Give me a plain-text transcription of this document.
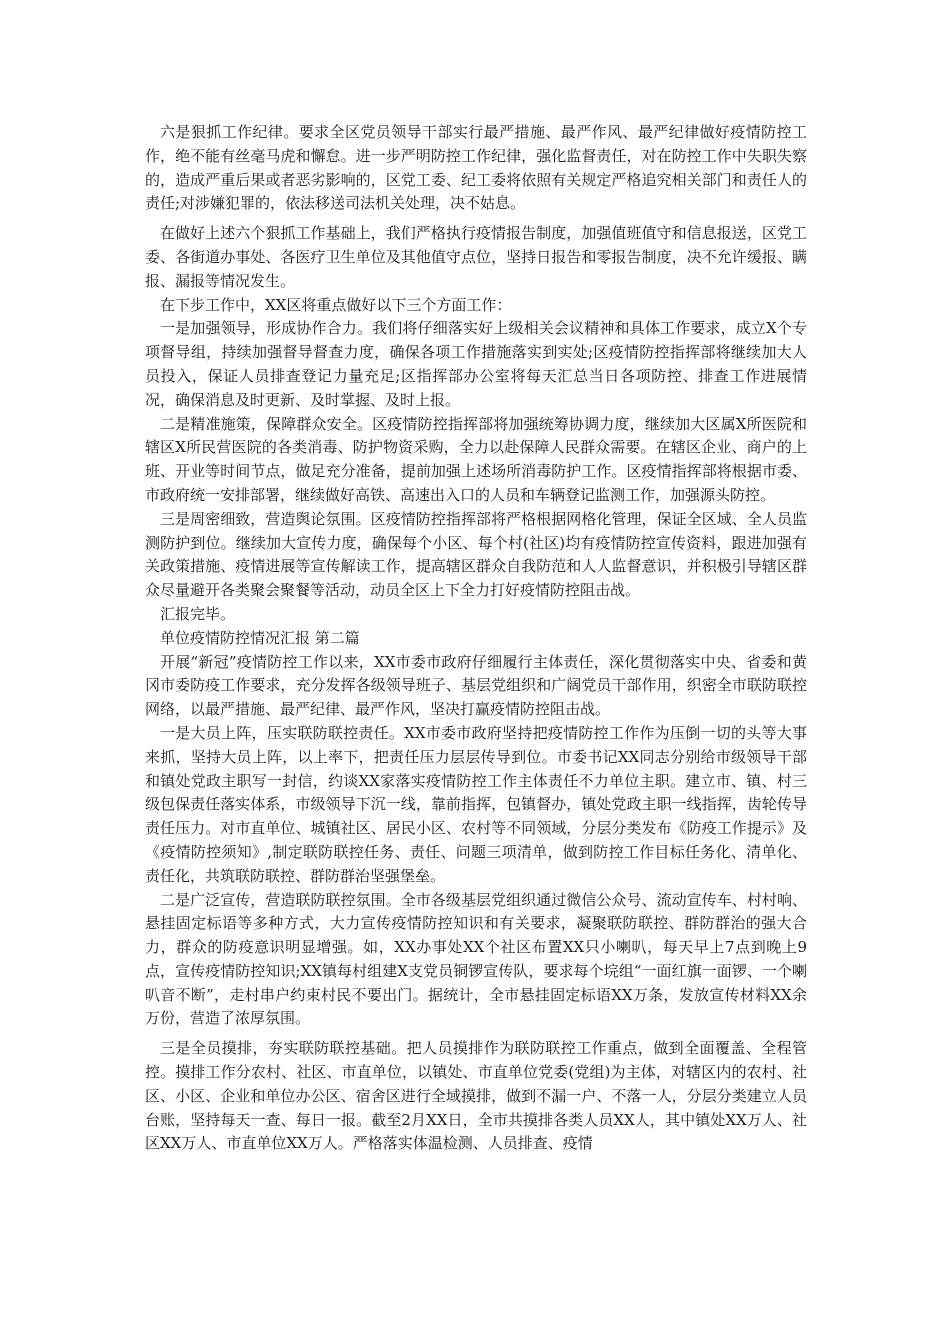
六是狠抓工作纪律。要求全区党员领导干部实行最严措施、最严作风、最严纪律做好疫情防控工作，绝不能有丝毫马虎和懈怠。进一步严明防控工作纪律，强化监督责任，对在防控工作中失职失察的，造成严重后果或者恶劣影响的，区党工委、纪工委将依照有关规定严格追究相关部门和责任人的责任;对涉嫌犯罪的，依法移送司法机关处理，决不姑息。

在做好上述六个狠抓工作基础上，我们严格执行疫情报告制度，加强值班值守和信息报送，区党工委、各街道办事处、各医疗卫生单位及其他值守点位，坚持日报告和零报告制度，决不允许缓报、瞒报、漏报等情况发生。

在下步工作中，XX区将重点做好以下三个方面工作：

一是加强领导，形成协作合力。我们将仔细落实好上级相关会议精神和具体工作要求，成立X个专项督导组，持续加强督导督查力度，确保各项工作措施落实到实处;区疫情防控指挥部将继续加大人员投入，保证人员排查登记力量充足;区指挥部办公室将每天汇总当日各项防控、排查工作进展情况，确保消息及时更新、及时掌握、及时上报。

二是精准施策，保障群众安全。区疫情防控指挥部将加强统筹协调力度，继续加大区属X所医院和辖区X所民营医院的各类消毒、防护物资采购，全力以赴保障人民群众需要。在辖区企业、商户的上班、开业等时间节点，做足充分准备，提前加强上述场所消毒防护工作。区疫情指挥部将根据市委、市政府统一安排部署，继续做好高铁、高速出入口的人员和车辆登记监测工作，加强源头防控。

三是周密细致，营造舆论氛围。区疫情防控指挥部将严格根据网格化管理，保证全区域、全人员监测防护到位。继续加大宣传力度，确保每个小区、每个村(社区)均有疫情防控宣传资料，跟进加强有关政策措施、疫情进展等宣传解读工作，提高辖区群众自我防范和人人监督意识，并积极引导辖区群众尽量避开各类聚会聚餐等活动，动员全区上下全力打好疫情防控阻击战。

汇报完毕。

单位疫情防控情况汇报 第二篇

开展“新冠”疫情防控工作以来，XX市委市政府仔细履行主体责任，深化贯彻落实中央、省委和黄冈市委防疫工作要求，充分发挥各级领导班子、基层党组织和广阔党员干部作用，织密全市联防联控网络，以最严措施、最严纪律、最严作风，坚决打赢疫情防控阻击战。

一是大员上阵，压实联防联控责任。XX市委市政府坚持把疫情防控工作作为压倒一切的头等大事来抓，坚持大员上阵，以上率下，把责任压力层层传导到位。市委书记XX同志分别给市级领导干部和镇处党政主职写一封信，约谈XX家落实疫情防控工作主体责任不力单位主职。建立市、镇、村三级包保责任落实体系，市级领导下沉一线，靠前指挥，包镇督办，镇处党政主职一线指挥，齿轮传导责任压力。对市直单位、城镇社区、居民小区、农村等不同领域，分层分类发布《防疫工作提示》及《疫情防控须知》,制定联防联控任务、责任、问题三项清单，做到防控工作目标任务化、清单化、责任化，共筑联防联控、群防群治坚强堡垒。

二是广泛宣传，营造联防联控氛围。全市各级基层党组织通过微信公众号、流动宣传车、村村响、悬挂固定标语等多种方式，大力宣传疫情防控知识和有关要求，凝聚联防联控、群防群治的强大合力，群众的防疫意识明显增强。如，XX办事处XX个社区布置XX只小喇叭，每天早上7点到晚上9点，宣传疫情防控知识;XX镇每村组建X支党员铜锣宣传队，要求每个垸组“一面红旗一面锣、一个喇叭音不断”，走村串户约束村民不要出门。据统计，全市悬挂固定标语XX万条，发放宣传材料XX余万份，营造了浓厚氛围。

三是全员摸排，夯实联防联控基础。把人员摸排作为联防联控工作重点，做到全面覆盖、全程管控。摸排工作分农村、社区、市直单位，以镇处、市直单位党委(党组)为主体，对辖区内的农村、社区、小区、企业和单位办公区、宿舍区进行全域摸排，做到不漏一户、不落一人，分层分类建立人员台账，坚持每天一查、每日一报。截至2月XX日，全市共摸排各类人员XX人，其中镇处XX万人、社区XX万人、市直单位XX万人。严格落实体温检测、人员排查、疫情
